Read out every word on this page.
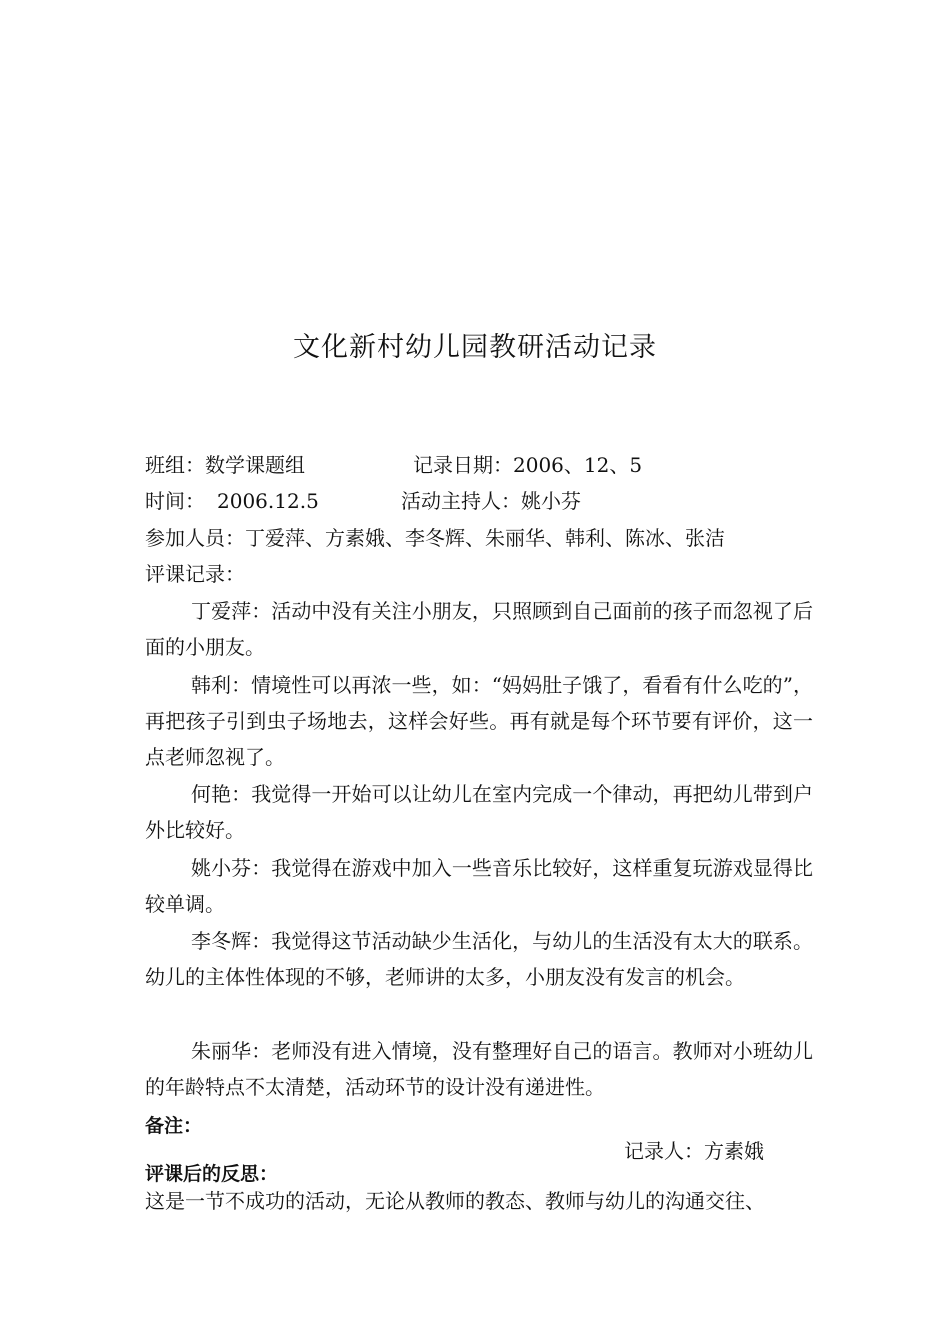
文化新村幼儿园教研活动记录
班组：数学课题组	记录日期：2006、12、5
时间： 2006.12.5	活动主持人：姚小芬
参加人员：丁爱萍、方素娥、李冬辉、朱丽华、韩利、陈冰、张洁
评课记录：
丁爱萍：活动中没有关注小朋友，只照顾到自己面前的孩子而忽视了后面的小朋友。
韩利：情境性可以再浓一些，如：“妈妈肚子饿了，看看有什么吃的”，再把孩子引到虫子场地去，这样会好些。再有就是每个环节要有评价，这一点老师忽视了。
何艳：我觉得一开始可以让幼儿在室内完成一个律动，再把幼儿带到户外比较好。
姚小芬：我觉得在游戏中加入一些音乐比较好，这样重复玩游戏显得比较单调。
李冬辉：我觉得这节活动缺少生活化，与幼儿的生活没有太大的联系。幼儿的主体性体现的不够，老师讲的太多，小朋友没有发言的机会。
朱丽华：老师没有进入情境，没有整理好自己的语言。教师对小班幼儿的年龄特点不太清楚，活动环节的设计没有递进性。
备注：
记录人：方素娥
评课后的反思：
这是一节不成功的活动，无论从教师的教态、教师与幼儿的沟通交往、
